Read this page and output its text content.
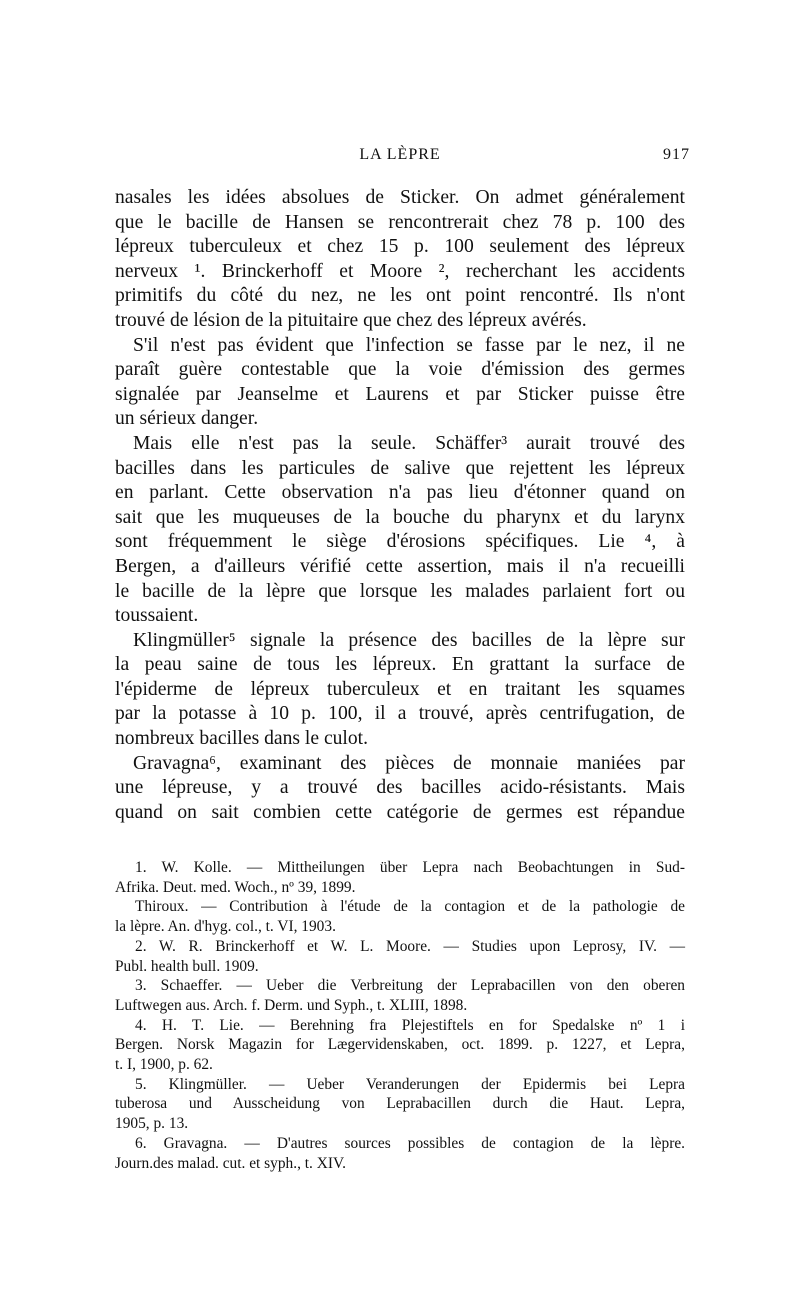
LA LÈPRE	917
nasales les idées absolues de Sticker. On admet généralement
que le bacille de Hansen se rencontrerait chez 78 p. 100 des
lépreux tuberculeux et chez 15 p. 100 seulement des lépreux
nerveux ¹. Brinckerhoff et Moore ², recherchant les accidents
primitifs du côté du nez, ne les ont point rencontré. Ils n'ont
trouvé de lésion de la pituitaire que chez des lépreux avérés.
S'il n'est pas évident que l'infection se fasse par le nez, il ne
paraît guère contestable que la voie d'émission des germes
signalée par Jeanselme et Laurens et par Sticker puisse être
un sérieux danger.
Mais elle n'est pas la seule. Schäffer³ aurait trouvé des
bacilles dans les particules de salive que rejettent les lépreux
en parlant. Cette observation n'a pas lieu d'étonner quand on
sait que les muqueuses de la bouche du pharynx et du larynx
sont fréquemment le siège d'érosions spécifiques. Lie ⁴, à
Bergen, a d'ailleurs vérifié cette assertion, mais il n'a recueilli
le bacille de la lèpre que lorsque les malades parlaient fort ou
toussaient.
Klingmüller⁵ signale la présence des bacilles de la lèpre sur
la peau saine de tous les lépreux. En grattant la surface de
l'épiderme de lépreux tuberculeux et en traitant les squames
par la potasse à 10 p. 100, il a trouvé, après centrifugation, de
nombreux bacilles dans le culot.
Gravagna⁶, examinant des pièces de monnaie maniées par
une lépreuse, y a trouvé des bacilles acido-résistants. Mais
quand on sait combien cette catégorie de germes est répandue
1. W. Kolle. — Mittheilungen über Lepra nach Beobachtungen in Sud-
Afrika. Deut. med. Woch., nº 39, 1899.
Thiroux. — Contribution à l'étude de la contagion et de la pathologie de
la lèpre. An. d'hyg. col., t. VI, 1903.
2. W. R. Brinckerhoff et W. L. Moore. — Studies upon Leprosy, IV. —
Publ. health bull. 1909.
3. Schaeffer. — Ueber die Verbreitung der Leprabacillen von den oberen
Luftwegen aus. Arch. f. Derm. und Syph., t. XLIII, 1898.
4. H. T. Lie. — Berehning fra Plejestiftels en for Spedalske nº 1 i
Bergen. Norsk Magazin for Lægervidenskaben, oct. 1899. p. 1227, et Lepra,
t. I, 1900, p. 62.
5. Klingmüller. — Ueber Veranderungen der Epidermis bei Lepra
tuberosa und Ausscheidung von Leprabacillen durch die Haut. Lepra,
1905, p. 13.
6. Gravagna. — D'autres sources possibles de contagion de la lèpre.
Journ.des malad. cut. et syph., t. XIV.
